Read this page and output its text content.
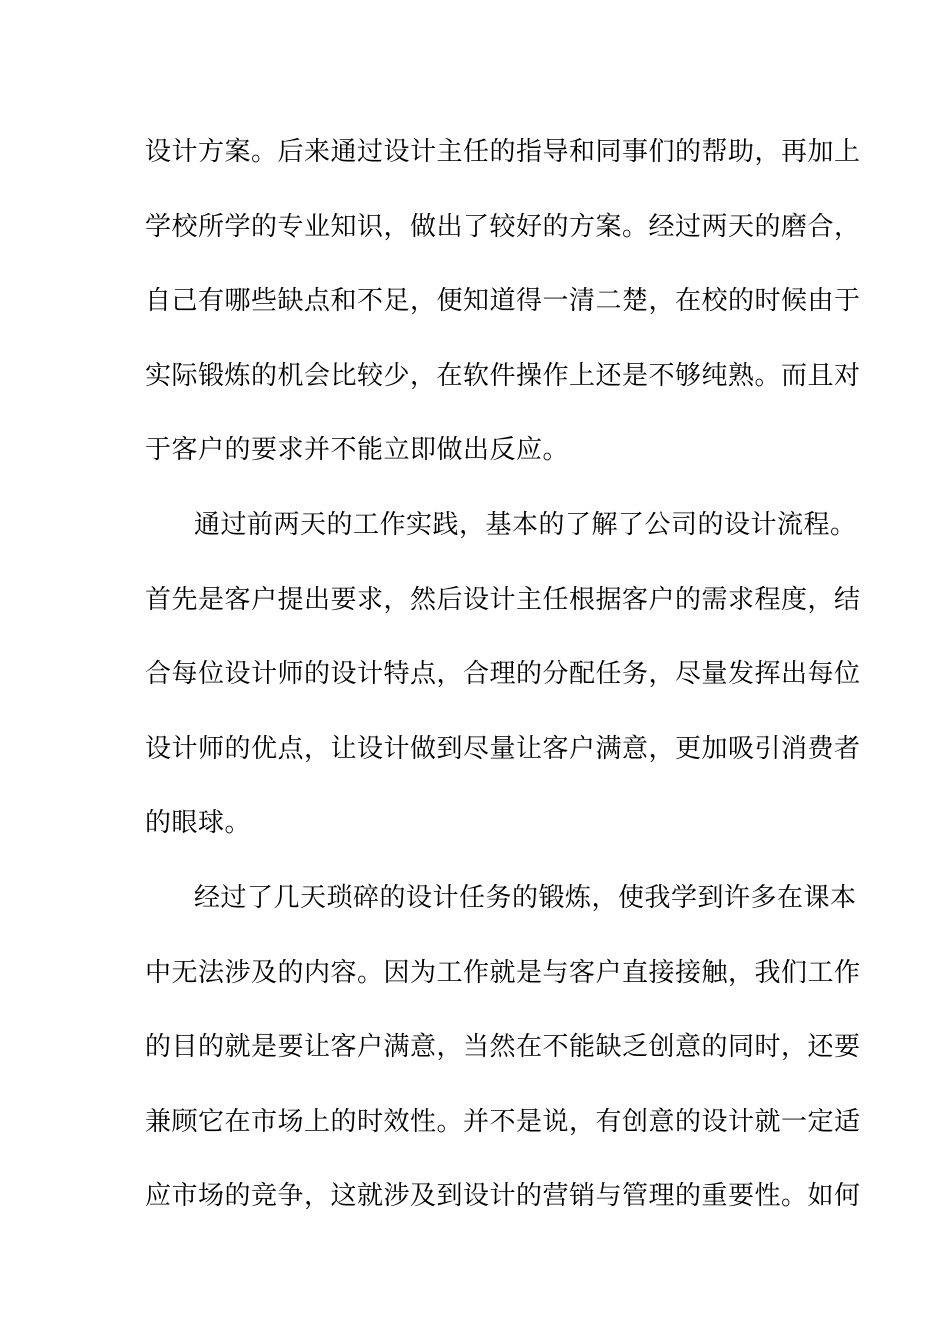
设计方案。后来通过设计主任的指导和同事们的帮助，再加上
学校所学的专业知识，做出了较好的方案。经过两天的磨合，
自己有哪些缺点和不足，便知道得一清二楚，在校的时候由于
实际锻炼的机会比较少，在软件操作上还是不够纯熟。而且对
于客户的要求并不能立即做出反应。
通过前两天的工作实践，基本的了解了公司的设计流程。
首先是客户提出要求，然后设计主任根据客户的需求程度，结
合每位设计师的设计特点，合理的分配任务，尽量发挥出每位
设计师的优点，让设计做到尽量让客户满意，更加吸引消费者
的眼球。
经过了几天琐碎的设计任务的锻炼，使我学到许多在课本
中无法涉及的内容。因为工作就是与客户直接接触，我们工作
的目的就是要让客户满意，当然在不能缺乏创意的同时，还要
兼顾它在市场上的时效性。并不是说，有创意的设计就一定适
应市场的竞争，这就涉及到设计的营销与管理的重要性。如何
